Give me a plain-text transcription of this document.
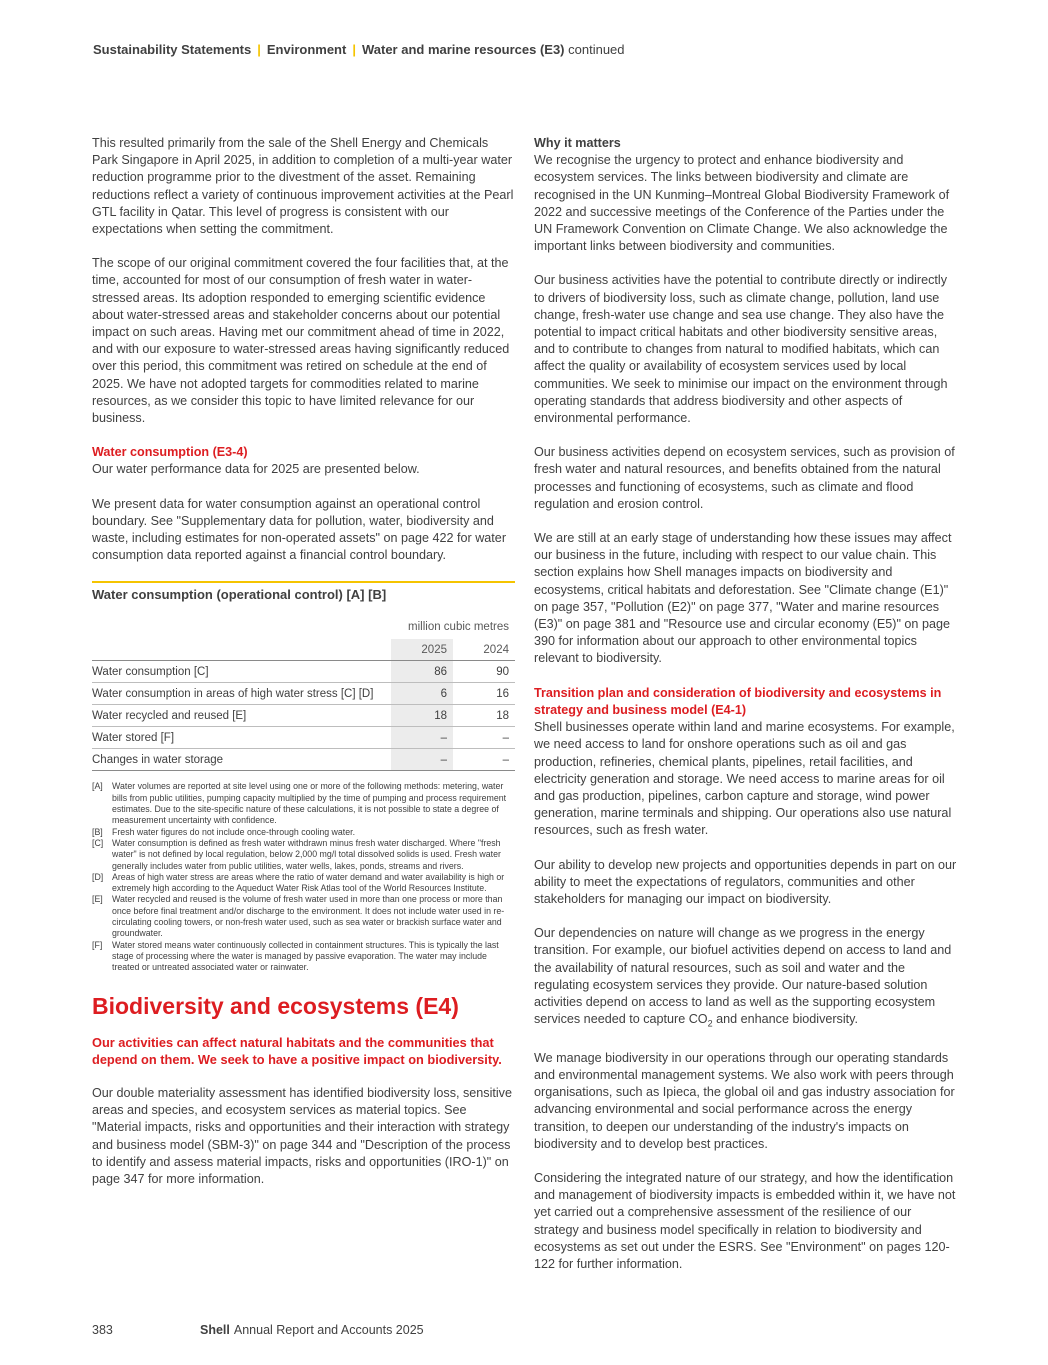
Sustainability Statements | Environment | Water and marine resources (E3) continued

This resulted primarily from the sale of the Shell Energy and Chemicals Park Singapore in April 2025, in addition to completion of a multi-year water reduction programme prior to the divestment of the asset. Remaining reductions reflect a variety of continuous improvement activities at the Pearl GTL facility in Qatar. This level of progress is consistent with our expectations when setting the commitment.

The scope of our original commitment covered the four facilities that, at the time, accounted for most of our consumption of fresh water in water-stressed areas. Its adoption responded to emerging scientific evidence about water-stressed areas and stakeholder concerns about our potential impact on such areas. Having met our commitment ahead of time in 2022, and with our exposure to water-stressed areas having significantly reduced over this period, this commitment was retired on schedule at the end of 2025. We have not adopted targets for commodities related to marine resources, as we consider this topic to have limited relevance for our business.

Water consumption (E3-4)

Our water performance data for 2025 are presented below.

We present data for water consumption against an operational control boundary. See "Supplementary data for pollution, water, biodiversity and waste, including estimates for non-operated assets" on page 422 for water consumption data reported against a financial control boundary.

Water consumption (operational control) [A] [B]
	million cubic metres	
	2025	2024
Water consumption [C]	86	90
Water consumption in areas of high water stress [C] [D]	6	16
Water recycled and reused [E]	18	18
Water stored [F]	–	–
Changes in water storage	–	–
[A]	Water volumes are reported at site level using one or more of the following methods: metering, water bills from public utilities, pumping capacity multiplied by the time of pumping and process requirement estimates. Due to the site-specific nature of these calculations, it is not possible to state a degree of measurement uncertainty with confidence.
[B]	Fresh water figures do not include once-through cooling water.
[C] Water consumption is defined as fresh water withdrawn minus fresh water discharged. Where "fresh water" is not defined by local regulation, below 2,000 mg/l total dissolved solids is used. Fresh water generally includes water from public utilities, water wells, lakes, ponds, streams and rivers.
[D] Areas of high water stress are areas where the ratio of water demand and water availability is high or extremely high according to the Aqueduct Water Risk Atlas tool of the World Resources Institute.
[E]	Water recycled and reused is the volume of fresh water used in more than one process or more than once before final treatment and/or discharge to the environment. It does not include water used in re-circulating cooling towers, or non-fresh water used, such as sea water or brackish surface water and groundwater.
[F]	Water stored means water continuously collected in containment structures. This is typically the last stage of processing where the water is managed by passive evaporation. The water may include treated or untreated associated water or rainwater.
Biodiversity and ecosystems (E4)

Our activities can affect natural habitats and the communities that depend on them. We seek to have a positive impact on biodiversity.

Our double materiality assessment has identified biodiversity loss, sensitive areas and species, and ecosystem services as material topics. See "Material impacts, risks and opportunities and their interaction with strategy and business model (SBM-3)" on page 344 and "Description of the process to identify and assess material impacts, risks and opportunities (IRO-1)" on page 347 for more information.

Why it matters

We recognise the urgency to protect and enhance biodiversity and ecosystem services. The links between biodiversity and climate are recognised in the UN Kunming–Montreal Global Biodiversity Framework of 2022 and successive meetings of the Conference of the Parties under the UN Framework Convention on Climate Change. We also acknowledge the important links between biodiversity and communities.

Our business activities have the potential to contribute directly or indirectly to drivers of biodiversity loss, such as climate change, pollution, land use change, fresh-water use change and sea use change. They also have the potential to impact critical habitats and other biodiversity sensitive areas, and to contribute to changes from natural to modified habitats, which can affect the quality or availability of ecosystem services used by local communities. We seek to minimise our impact on the environment through operating standards that address biodiversity and other aspects of environmental performance.

Our business activities depend on ecosystem services, such as provision of fresh water and natural resources, and benefits obtained from the natural processes and functioning of ecosystems, such as climate and flood regulation and erosion control.

We are still at an early stage of understanding how these issues may affect our business in the future, including with respect to our value chain. This section explains how Shell manages impacts on biodiversity and ecosystems, critical habitats and deforestation. See "Climate change (E1)" on page 357, "Pollution (E2)" on page 377, "Water and marine resources (E3)" on page 381 and "Resource use and circular economy (E5)" on page 390 for information about our approach to other environmental topics relevant to biodiversity.

Transition plan and consideration of biodiversity and ecosystems in strategy and business model (E4-1)

Shell businesses operate within land and marine ecosystems. For example, we need access to land for onshore operations such as oil and gas production, refineries, chemical plants, pipelines, retail facilities, and electricity generation and storage. We need access to marine areas for oil and gas production, pipelines, carbon capture and storage, wind power generation, marine terminals and shipping. Our operations also use natural resources, such as fresh water.

Our ability to develop new projects and opportunities depends in part on our ability to meet the expectations of regulators, communities and other stakeholders for managing our impact on biodiversity.

Our dependencies on nature will change as we progress in the energy transition. For example, our biofuel activities depend on access to land and the availability of natural resources, such as soil and water and the regulating ecosystem services they provide. Our nature-based solution activities depend on access to land as well as the supporting ecosystem services needed to capture $CO_2$ and enhance biodiversity.

We manage biodiversity in our operations through our operating standards and environmental management systems. We also work with peers through organisations, such as Ipieca, the global oil and gas industry association for advancing environmental and social performance across the energy transition, to deepen our understanding of the industry's impacts on biodiversity and to develop best practices.

Considering the integrated nature of our strategy, and how the identification and management of biodiversity impacts is embedded within it, we have not yet carried out a comprehensive assessment of the resilience of our strategy and business model specifically in relation to biodiversity and ecosystems as set out under the ESRS. See "Environment" on pages 120-122 for further information.

383	Shell Annual Report and Accounts 2025
